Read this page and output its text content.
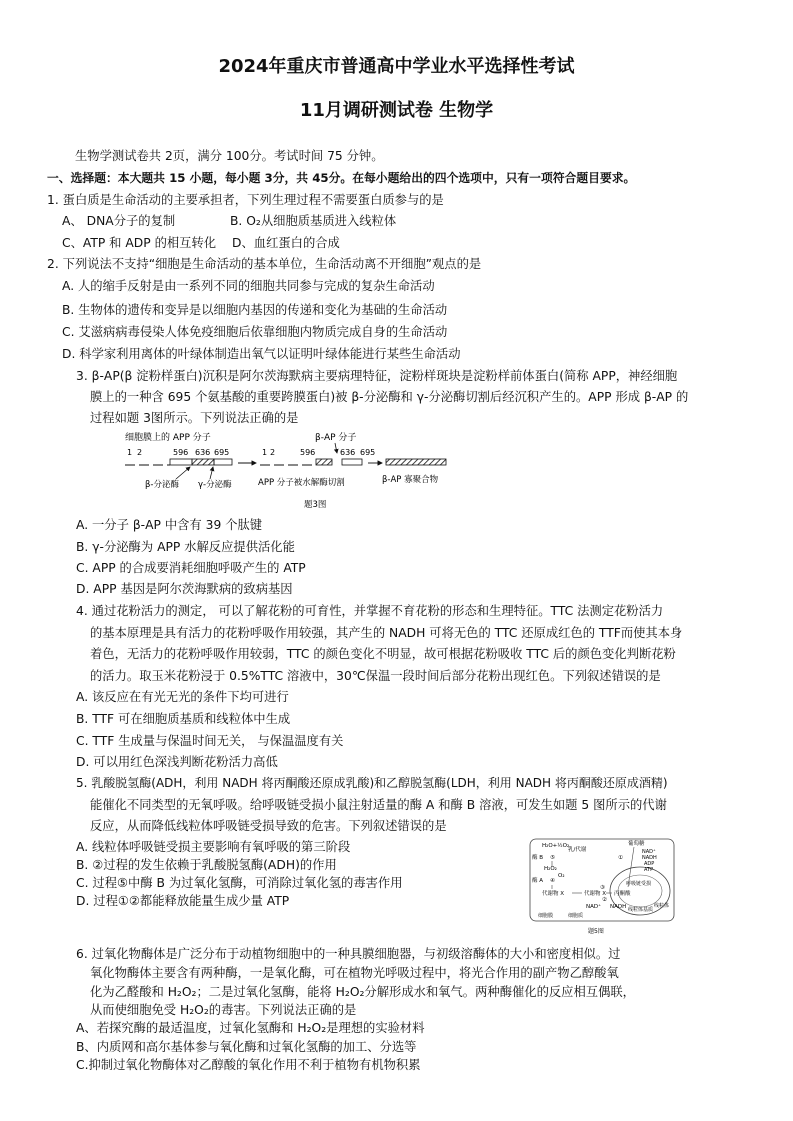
2024年重庆市普通高中学业水平选择性考试
11月调研测试卷 生物学
生物学测试卷共 2页，满分 100分。考试时间 75 分钟。
一、选择题：本大题共 15 小题，每小题 3分，共 45分。在每小题给出的四个选项中，只有一项符合题目要求。
1. 蛋白质是生命活动的主要承担者，下列生理过程不需要蛋白质参与的是
A、 DNA分子的复制	B. O₂从细胞质基质进入线粒体
C、ATP 和 ADP 的相互转化 D、血红蛋白的合成
2. 下列说法不支持“细胞是生命活动的基本单位，生命活动离不开细胞”观点的是
A. 人的缩手反射是由一系列不同的细胞共同参与完成的复杂生命活动
B. 生物体的遗传和变异是以细胞内基因的传递和变化为基础的生命活动
C. 艾滋病病毒侵染人体免疫细胞后依靠细胞内物质完成自身的生命活动
D. 科学家利用离体的叶绿体制造出氧气以证明叶绿体能进行某些生命活动
3. β-AP(β 淀粉样蛋白)沉积是阿尔茨海默病主要病理特征，淀粉样斑块是淀粉样前体蛋白(简称 APP，神经细胞
膜上的一种含 695 个氨基酸的重要跨膜蛋白)被 β-分泌酶和 γ-分泌酶切割后经沉积产生的。APP 形成 β-AP 的
过程如题 3图所示。下列说法正确的是
细胞膜上的 APP 分子	β-AP 分子
1 2	596 636 695
β-分泌酶 γ-分泌酶
1 2	596	636 695
APP 分子被水解酶切割	β-AP 寡聚合物
题3图
A. 一分子 β-AP 中含有 39 个肽键
B. γ-分泌酶为 APP 水解反应提供活化能
C. APP 的合成要消耗细胞呼吸产生的 ATP
D. APP 基因是阿尔茨海默病的致病基因
4. 通过花粉活力的测定， 可以了解花粉的可育性，并掌握不育花粉的形态和生理特征。TTC 法测定花粉活力
的基本原理是具有活力的花粉呼吸作用较强，其产生的 NADH 可将无色的 TTC 还原成红色的 TTF而使其本身
着色，无活力的花粉呼吸作用较弱，TTC 的颜色变化不明显，故可根据花粉吸收 TTC 后的颜色变化判断花粉
的活力。取玉米花粉浸于 0.5%TTC 溶液中，30℃保温一段时间后部分花粉出现红色。下列叙述错误的是
A. 该反应在有光无光的条件下均可进行
B. TTF 可在细胞质基质和线粒体中生成
C. TTF 生成量与保温时间无关， 与保温温度有关
D. 可以用红色深浅判断花粉活力高低
5. 乳酸脱氢酶(ADH，利用 NADH 将丙酮酸还原成乳酸)和乙醇脱氢酶(LDH，利用 NADH 将丙酮酸还原成酒精)
能催化不同类型的无氧呼吸。给呼吸链受损小鼠注射适量的酶 A 和酶 B 溶液，可发生如题 5 图所示的代谢
反应，从而降低线粒体呼吸链受损导致的危害。下列叙述错误的是
A. 线粒体呼吸链受损主要影响有氧呼吸的第三阶段
B. ②过程的发生依赖于乳酸脱氢酶(ADH)的作用
C. 过程⑤中酶 B 为过氧化氢酶，可消除过氧化氢的毒害作用
D. 过程①②都能释放能量生成少量 ATP
H₂O+½O₂
酶 B ⑤
H₂O₂
酶 A ④
O₂
代谢物 X
乳/代谢
代谢物 X
③
丙酮酸
葡萄糖
①
NAD⁺
NADH
ADP
ATP
NAD⁺ NADH
②
呼吸链受损
线粒体
线粒体基质
细胞膜	细胞质
题5图
6. 过氧化物酶体是广泛分布于动植物细胞中的一种具膜细胞器，与初级溶酶体的大小和密度相似。过
氧化物酶体主要含有两种酶，一是氧化酶，可在植物光呼吸过程中，将光合作用的副产物乙醇酸氧
化为乙醛酸和 H₂O₂；二是过氧化氢酶，能将 H₂O₂分解形成水和氧气。两种酶催化的反应相互偶联，
从而使细胞免受 H₂O₂的毒害。下列说法正确的是
A、若探究酶的最适温度，过氧化氢酶和 H₂O₂是理想的实验材料
B、内质网和高尔基体参与氧化酶和过氧化氢酶的加工、分选等
C.抑制过氧化物酶体对乙醇酸的氧化作用不利于植物有机物积累
